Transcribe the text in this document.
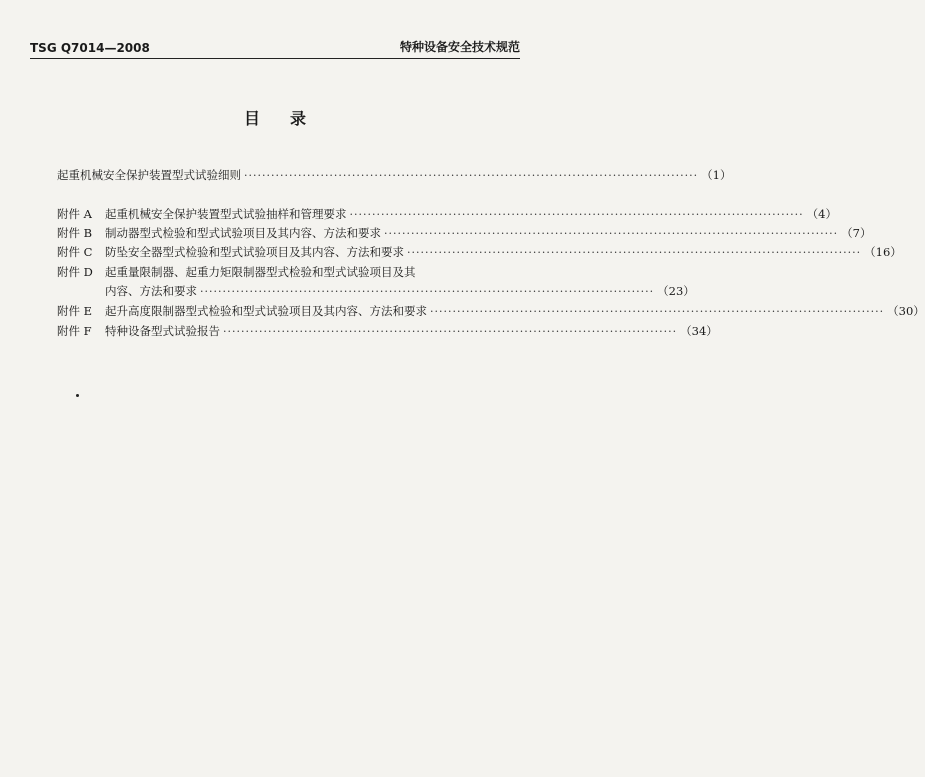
TSG Q7014—2008	特种设备安全技术规范
目录
起重机械安全保护装置型式试验细则 ····································································································· （1）
附件 A	起重机械安全保护装置型式试验抽样和管理要求 ····································································································· （4）
附件 B	制动器型式检验和型式试验项目及其内容、方法和要求 ····································································································· （7）
附件 C	防坠安全器型式检验和型式试验项目及其内容、方法和要求 ····································································································· （16）
附件 D	起重量限制器、起重力矩限制器型式检验和型式试验项目及其
内容、方法和要求 ····································································································· （23）
附件 E	起升高度限制器型式检验和型式试验项目及其内容、方法和要求 ····································································································· （30）
附件 F	特种设备型式试验报告 ····································································································· （34）
